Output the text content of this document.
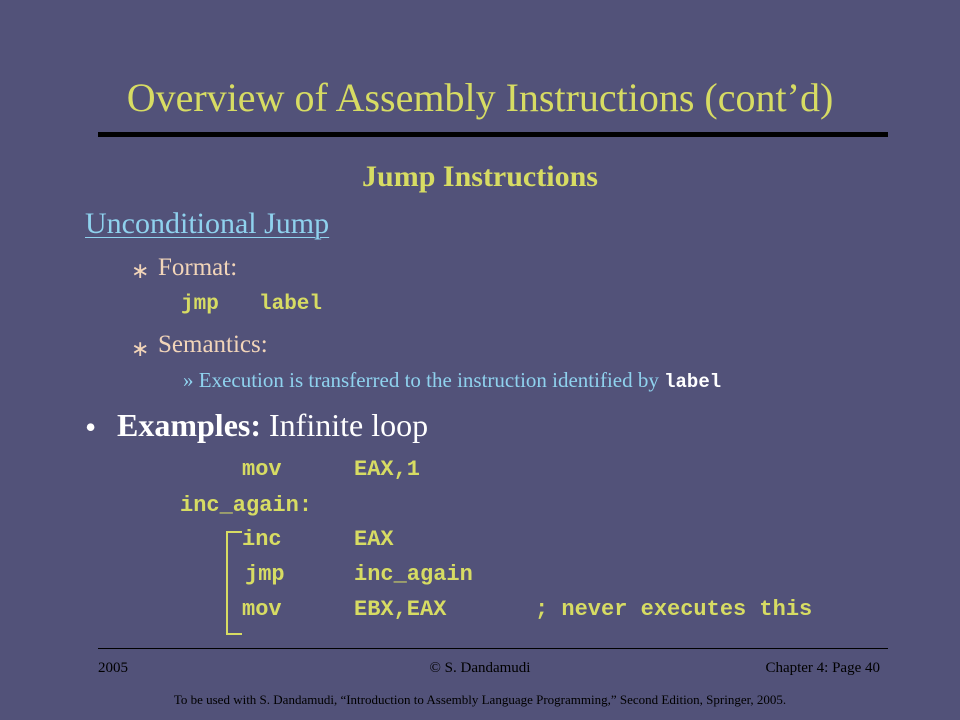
Overview of Assembly Instructions (cont’d)
Jump Instructions
Unconditional Jump
∗ Format:
jmp label
∗ Semantics:
» Execution is transferred to the instruction identified by label
• Examples: Infinite loop
mov	EAX,1
inc_again:
inc	EAX
jmp	inc_again
mov	EBX,EAX	; never executes this
2005	© S. Dandamudi	Chapter 4: Page 40
To be used with S. Dandamudi, “Introduction to Assembly Language Programming,” Second Edition, Springer, 2005.
